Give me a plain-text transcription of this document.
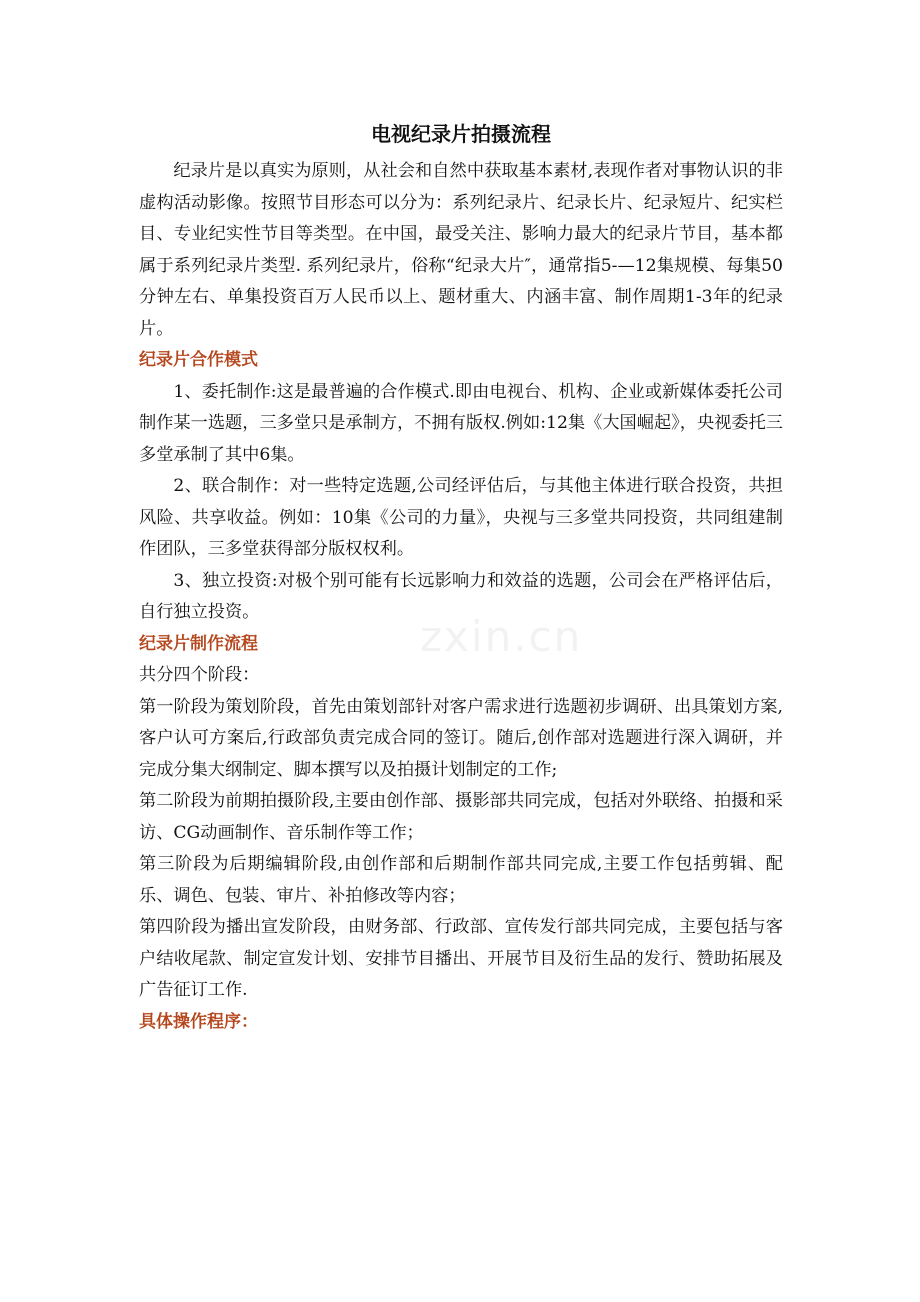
电视纪录片拍摄流程

纪录片是以真实为原则，从社会和自然中获取基本素材,表现作者对事物认识的非虚构活动影像。按照节目形态可以分为：系列纪录片、纪录长片、纪录短片、纪实栏目、专业纪实性节目等类型。在中国，最受关注、影响力最大的纪录片节目，基本都属于系列纪录片类型. 系列纪录片，俗称“纪录大片″，通常指5-—12集规模、每集50分钟左右、单集投资百万人民币以上、题材重大、内涵丰富、制作周期1-3年的纪录片。

纪录片合作模式

1、委托制作:这是最普遍的合作模式.即由电视台、机构、企业或新媒体委托公司制作某一选题，三多堂只是承制方，不拥有版权.例如:12集《大国崛起》，央视委托三多堂承制了其中6集。

2、联合制作：对一些特定选题,公司经评估后，与其他主体进行联合投资，共担风险、共享收益。例如：10集《公司的力量》，央视与三多堂共同投资，共同组建制作团队，三多堂获得部分版权权利。

3、独立投资:对极个别可能有长远影响力和效益的选题，公司会在严格评估后，自行独立投资。

纪录片制作流程

共分四个阶段：

第一阶段为策划阶段，首先由策划部针对客户需求进行选题初步调研、出具策划方案,客户认可方案后,行政部负责完成合同的签订。随后,创作部对选题进行深入调研，并完成分集大纲制定、脚本撰写以及拍摄计划制定的工作;

第二阶段为前期拍摄阶段,主要由创作部、摄影部共同完成，包括对外联络、拍摄和采访、CG动画制作、音乐制作等工作；

第三阶段为后期编辑阶段,由创作部和后期制作部共同完成,主要工作包括剪辑、配乐、调色、包装、审片、补拍修改等内容；

第四阶段为播出宣发阶段，由财务部、行政部、宣传发行部共同完成，主要包括与客户结收尾款、制定宣发计划、安排节目播出、开展节目及衍生品的发行、赞助拓展及广告征订工作.

具体操作程序：
zxin.cn
